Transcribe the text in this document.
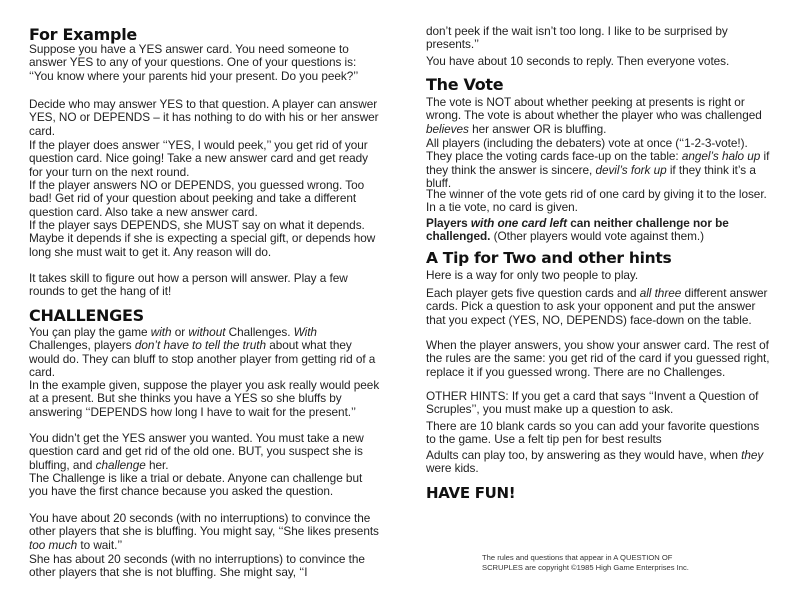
For Example

Suppose you have a YES answer card. You need someone to answer YES to any of your questions. One of your questions is: ‘‘You know where your parents hid your present. Do you peek?’’

Decide who may answer YES to that question. A player can answer YES, NO or DEPENDS – it has nothing to do with his or her answer card.

If the player does answer ‘‘YES, I would peek,’’ you get rid of your question card. Nice going! Take a new answer card and get ready for your turn on the next round.

If the player answers NO or DEPENDS, you guessed wrong. Too bad! Get rid of your question about peeking and take a different question card. Also take a new answer card.

If the player says DEPENDS, she MUST say on what it depends. Maybe it depends if she is expecting a special gift, or depends how long she must wait to get it. Any reason will do.

It takes skill to figure out how a person will answer. Play a few rounds to get the hang of it!

CHALLENGES

You çan play the game with or without Challenges. With Challenges, players don’t have to tell the truth about what they would do. They can bluff to stop another player from getting rid of a card.

In the example given, suppose the player you ask really would peek at a present. But she thinks you have a YES so she bluffs by answering ‘‘DEPENDS how long I have to wait for the present.’’

You didn’t get the YES answer you wanted. You must take a new question card and get rid of the old one. BUT, you suspect she is bluffing, and challenge her.

The Challenge is like a trial or debate. Anyone can challenge but you have the first chance because you asked the question.

You have about 20 seconds (with no interruptions) to convince the other players that she is bluffing. You might say, ‘‘She likes presents too much to wait.’’

She has about 20 seconds (with no interruptions) to convince the other players that she is not bluffing. She might say, ‘‘I

don’t peek if the wait isn’t too long. I like to be surprised by presents.’’

You have about 10 seconds to reply. Then everyone votes.

The Vote

The vote is NOT about whether peeking at presents is right or wrong. The vote is about whether the player who was challenged believes her answer OR is bluffing.

All players (including the debaters) vote at once (‘‘1-2-3-vote!). They place the voting cards face-up on the table: angel’s halo up if they think the answer is sincere, devil’s fork up if they think it’s a bluff.

The winner of the vote gets rid of one card by giving it to the loser. In a tie vote, no card is given.

Players with one card left can neither challenge nor be challenged. (Other players would vote against them.)

A Tip for Two and other hints

Here is a way for only two people to play.

Each player gets five question cards and all three different answer cards. Pick a question to ask your opponent and put the answer that you expect (YES, NO, DEPENDS) face-down on the table.

When the player answers, you show your answer card. The rest of the rules are the same: you get rid of the card if you guessed right, replace it if you guessed wrong. There are no Challenges.

OTHER HINTS: If you get a card that says ‘‘Invent a Question of Scruples’’, you must make up a question to ask.

There are 10 blank cards so you can add your favorite questions to the game. Use a felt tip pen for best results

Adults can play too, by answering as they would have, when they were kids.

HAVE FUN!
The rules and questions that appear in A QUESTION OF
SCRUPLES are copyright ©1985 High Game Enterprises Inc.
